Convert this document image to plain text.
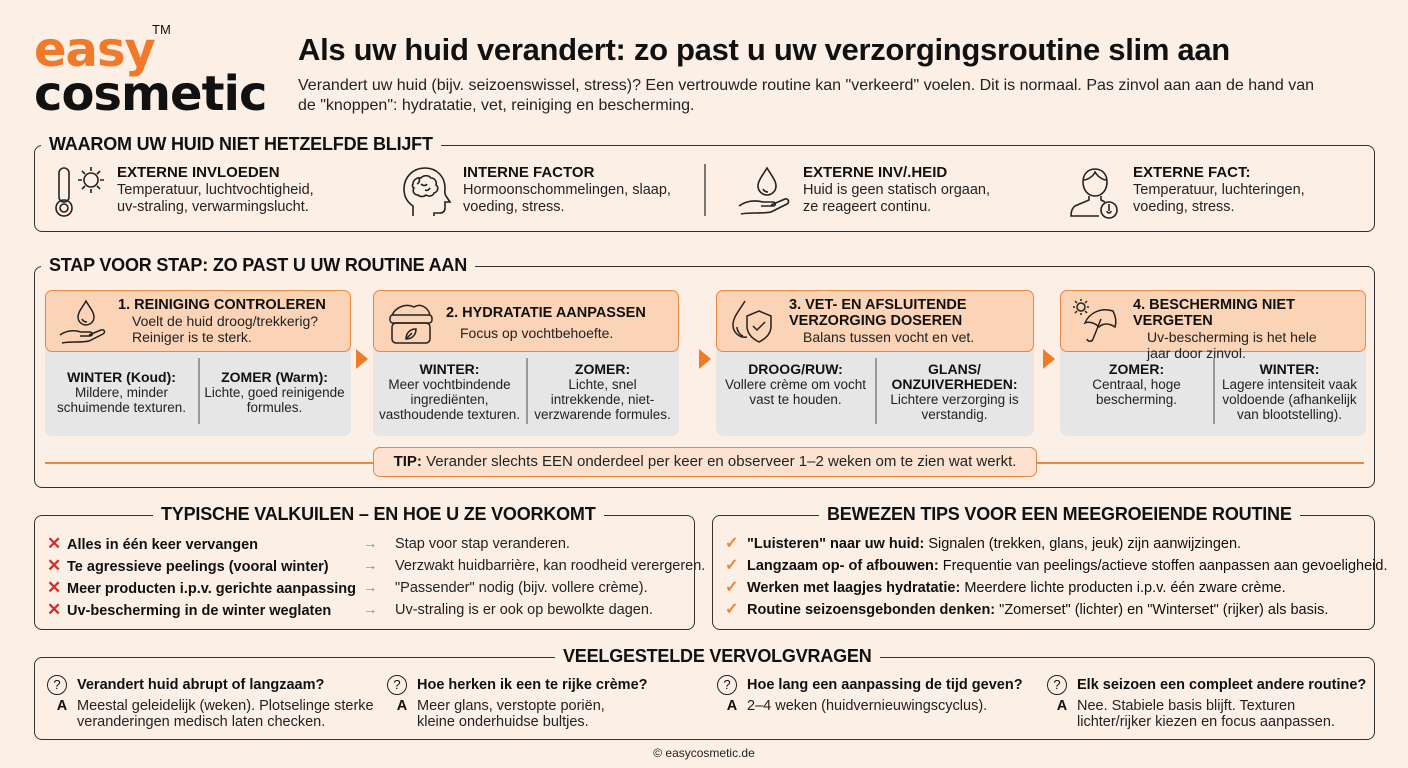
easy
TM
cosmetic
Als uw huid verandert: zo past u uw verzorgingsroutine slim aan
Verandert uw huid (bijv. seizoenswissel, stress)? Een vertrouwde routine kan "verkeerd" voelen. Dit is normaal. Pas zinvol aan aan de hand van de "knoppen": hydratatie, vet, reiniging en bescherming.
WAAROM UW HUID NIET HETZELFDE BLIJFT
EXTERNE INVLOEDEN
Temperatuur, luchtvochtigheid,
uv-straling, verwarmingslucht.
INTERNE FACTOR
Hormoonschommelingen, slaap,
voeding, stress.
EXTERNE INV/.HEID
Huid is geen statisch orgaan,
ze reageert continu.
EXTERNE FACT:
Temperatuur, luchteringen,
voeding, stress.
STAP VOOR STAP: ZO PAST U UW ROUTINE AAN
1. REINIGING CONTROLEREN
Voelt de huid droog/trekkerig?
Reiniger is te sterk.
WINTER (Koud):
Mildere, minder schuimende texturen.
ZOMER (Warm):
Lichte, goed reinigende formules.
2. HYDRATATIE AANPASSEN
Focus op vochtbehoefte.
WINTER:
Meer vochtbindende ingrediënten, vasthoudende texturen.
ZOMER:
Lichte, snel intrekkende, niet-verzwarende formules.
3. VET- EN AFSLUITENDE VERZORGING DOSEREN
Balans tussen vocht en vet.
DROOG/RUW:
Vollere crème om vocht vast te houden.
GLANS/ ONZUIVERHEDEN:
Lichtere verzorging is verstandig.
4. BESCHERMING NIET VERGETEN
Uv-bescherming is het hele
jaar door zinvol.
ZOMER:
Centraal, hoge bescherming.
WINTER:
Lagere intensiteit vaak voldoende (afhankelijk van blootstelling).
TIP: Verander slechts EEN onderdeel per keer en observeer 1–2 weken om te zien wat werkt.
TYPISCHE VALKUILEN – EN HOE U ZE VOORKOMT
✕ Alles in één keer vervangen	→ Stap voor stap veranderen.
✕ Te agressieve peelings (vooral winter) → Verzwakt huidbarrière, kan roodheid verergeren.
✕ Meer producten i.p.v. gerichte aanpassing → "Passender" nodig (bijv. vollere crème).
✕ Uv-bescherming in de winter weglaten → Uv-straling is er ook op bewolkte dagen.
BEWEZEN TIPS VOOR EEN MEEGROEIENDE ROUTINE
✓ "Luisteren" naar uw huid: Signalen (trekken, glans, jeuk) zijn aanwijzingen.
✓ Langzaam op- of afbouwen: Frequentie van peelings/actieve stoffen aanpassen aan gevoeligheid.
✓ Werken met laagjes hydratatie: Meerdere lichte producten i.p.v. één zware crème.
✓ Routine seizoensgebonden denken: "Zomerset" (lichter) en "Winterset" (rijker) als basis.
VEELGESTELDE VERVOLGVRAGEN
?	Verandert huid abrupt of langzaam?
A Meestal geleidelijk (weken). Plotselinge sterke veranderingen medisch laten checken.
?	Hoe herken ik een te rijke crème?
A Meer glans, verstopte poriën, kleine onderhuidse bultjes.
?	Hoe lang een aanpassing de tijd geven?
A 2–4 weken (huidvernieuwingscyclus).
?	Elk seizoen een compleet andere routine?
A Nee. Stabiele basis blijft. Texturen lichter/rijker kiezen en focus aanpassen.
© easycosmetic.de
